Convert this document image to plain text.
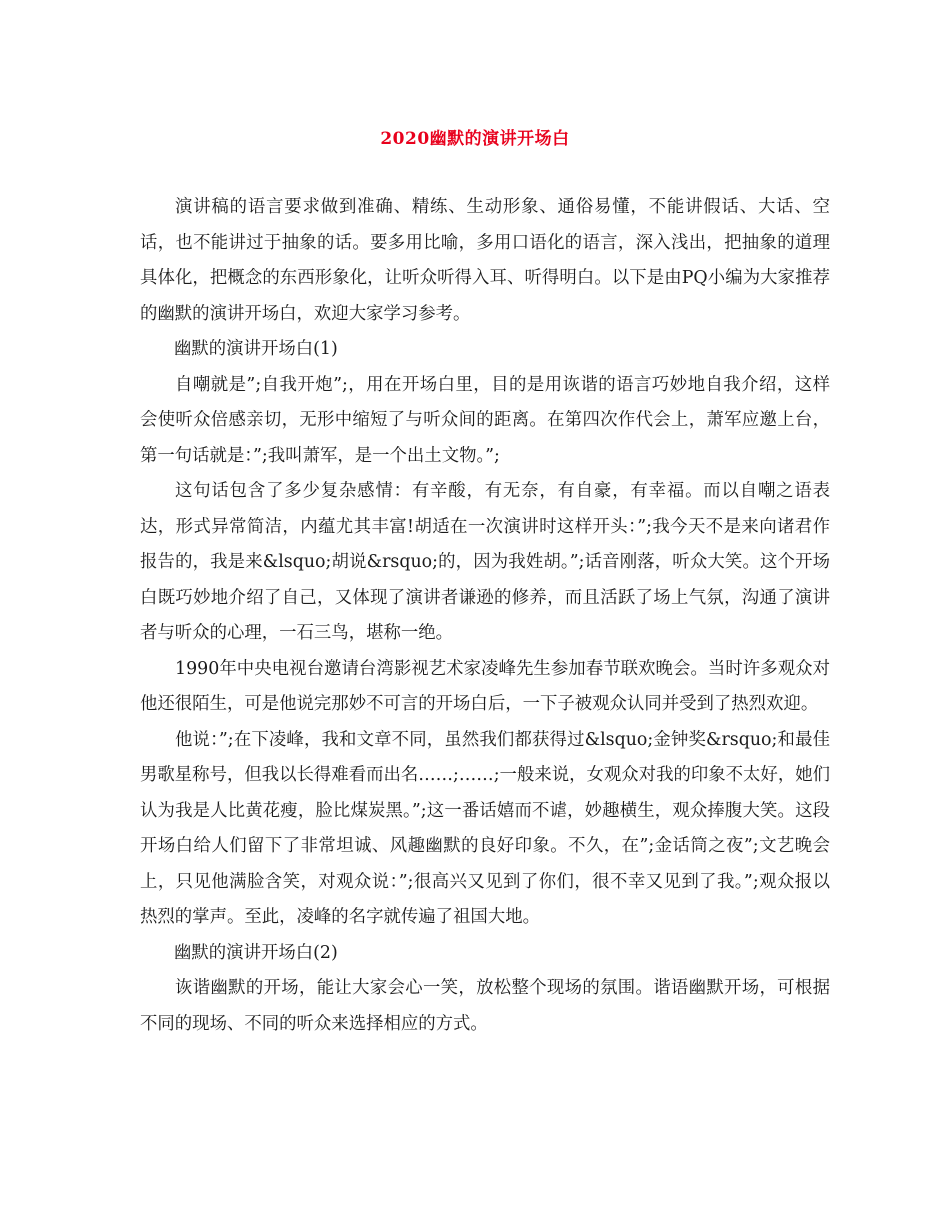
2020幽默的演讲开场白

演讲稿的语言要求做到准确、精练、生动形象、通俗易懂，不能讲假话、大话、空话，也不能讲过于抽象的话。要多用比喻，多用口语化的语言，深入浅出，把抽象的道理具体化，把概念的东西形象化，让听众听得入耳、听得明白。以下是由PQ小编为大家推荐的幽默的演讲开场白，欢迎大家学习参考。

幽默的演讲开场白(1)

自嘲就是”;自我开炮”;，用在开场白里，目的是用诙谐的语言巧妙地自我介绍，这样会使听众倍感亲切，无形中缩短了与听众间的距离。在第四次作代会上，萧军应邀上台，第一句话就是：”;我叫萧军，是一个出土文物。”;

这句话包含了多少复杂感情：有辛酸，有无奈，有自豪，有幸福。而以自嘲之语表达，形式异常简洁，内蕴尤其丰富!胡适在一次演讲时这样开头：”;我今天不是来向诸君作报告的，我是来&lsquo;胡说&rsquo;的，因为我姓胡。”;话音刚落，听众大笑。这个开场白既巧妙地介绍了自己，又体现了演讲者谦逊的修养，而且活跃了场上气氛，沟通了演讲者与听众的心理，一石三鸟，堪称一绝。

1990年中央电视台邀请台湾影视艺术家凌峰先生参加春节联欢晚会。当时许多观众对他还很陌生，可是他说完那妙不可言的开场白后，一下子被观众认同并受到了热烈欢迎。

他说：”;在下凌峰，我和文章不同，虽然我们都获得过&lsquo;金钟奖&rsquo;和最佳男歌星称号，但我以长得难看而出名……;……;一般来说，女观众对我的印象不太好，她们认为我是人比黄花瘦，脸比煤炭黑。”;这一番话嬉而不谑，妙趣横生，观众捧腹大笑。这段开场白给人们留下了非常坦诚、风趣幽默的良好印象。不久，在”;金话筒之夜”;文艺晚会上，只见他满脸含笑，对观众说：”;很高兴又见到了你们，很不幸又见到了我。”;观众报以热烈的掌声。至此，凌峰的名字就传遍了祖国大地。

幽默的演讲开场白(2)

诙谐幽默的开场，能让大家会心一笑，放松整个现场的氛围。谐语幽默开场，可根据不同的现场、不同的听众来选择相应的方式。
